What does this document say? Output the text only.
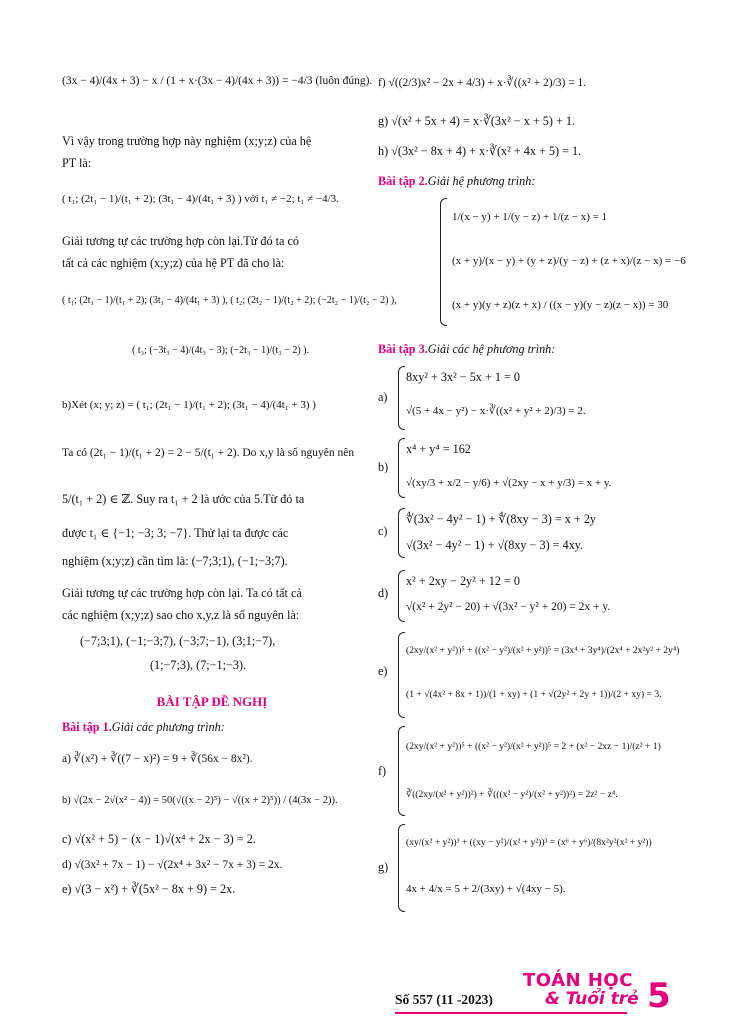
(3x − 4)/(4x + 3) − x / (1 + x·(3x − 4)/(4x + 3)) = −4/3 (luôn đúng).
Vì vậy trong trường hợp này nghiệm (x;y;z) của hệ
PT là:
( t₁; (2t₁ − 1)/(t₁ + 2); (3t₁ − 4)/(4t₁ + 3) ) với t₁ ≠ −2; t₁ ≠ −4/3.
Giải tương tự các trường hợp còn lại.Từ đó ta có
tất cả các nghiệm (x;y;z) của hệ PT đã cho là:
( t₁; (2t₁ − 1)/(t₁ + 2); (3t₁ − 4)/(4t₁ + 3) ), ( t₂; (2t₂ − 1)/(t₂ + 2); (−2t₂ − 1)/(t₂ − 2) ),
( t₃; (−3t₃ − 4)/(4t₃ − 3); (−2t₃ − 1)/(t₃ − 2) ).
b)Xét (x; y; z) = ( t₁; (2t₁ − 1)/(t₁ + 2); (3t₁ − 4)/(4t₁ + 3) )
Ta có (2t₁ − 1)/(t₁ + 2) = 2 − 5/(t₁ + 2). Do x,y là số nguyên nên
5/(t₁ + 2) ∈ ℤ. Suy ra t₁ + 2 là ước của 5.Từ đó ta
được t₁ ∈ {−1; −3; 3; −7}. Thử lại ta được các
nghiệm (x;y;z) cần tìm là: (−7;3;1), (−1;−3;7).
Giải tương tự các trường hợp còn lại. Ta có tất cả
các nghiệm (x;y;z) sao cho x,y,z là số nguyên là:
(−7;3;1), (−1;−3;7), (−3;7;−1), (3;1;−7),
(1;−7;3), (7;−1;−3).
BÀI TẬP ĐỀ NGHỊ
Bài tập 1.Giải các phương trình:
a) ∛(x²) + ∛((7 − x)²) = 9 + ∛(56x − 8x²).
b) √(2x − 2√(x² − 4)) = 50(√((x − 2)⁵) − √((x + 2)⁵)) / (4(3x − 2)).
c) √(x² + 5) − (x − 1)√(x⁴ + 2x − 3) = 2.
d) √(3x² + 7x − 1) − √(2x⁴ + 3x² − 7x + 3) = 2x.
e) √(3 − x²) + ∛(5x² − 8x + 9) = 2x.
f) √((2/3)x² − 2x + 4/3) + x·∛((x² + 2)/3) = 1.
g) √(x² + 5x + 4) = x·∛(3x² − x + 5) + 1.
h) √(3x² − 8x + 4) + x·∛(x² + 4x + 5) = 1.
Bài tập 2.Giải hệ phương trình:
1/(x − y) + 1/(y − z) + 1/(z − x) = 1
(x + y)/(x − y) + (y + z)/(y − z) + (z + x)/(z − x) = −6
(x + y)(y + z)(z + x) / ((x − y)(y − z)(z − x)) = 30
Bài tập 3.Giải các hệ phương trình:
a)
8xy² + 3x² − 5x + 1 = 0
√(5 + 4x − y²) − x·∛((x² + y² + 2)/3) = 2.
b)
x⁴ + y⁴ = 162
√(xy/3 + x/2 − y/6) + √(2xy − x + y/3) = x + y.
c)
∜(3x² − 4y² − 1) + ∜(8xy − 3) = x + 2y
√(3x² − 4y² − 1) + √(8xy − 3) = 4xy.
d)
x² + 2xy − 2y² + 12 = 0
√(x² + 2y² − 20) + √(3x² − y² + 20) = 2x + y.
e)
(2xy/(x² + y²))⁵ + ((x² − y²)/(x² + y²))⁵ = (3x⁴ + 3y⁴)/(2x⁴ + 2x²y² + 2y⁴)
(1 + √(4x² + 8x + 1))/(1 + xy) + (1 + √(2y² + 2y + 1))/(2 + xy) = 3.
f)
(2xy/(x² + y²))⁵ + ((x² − y²)/(x² + y²))⁵ = 2 + (x² − 2xz − 1)/(z² + 1)
∛((2xy/(x² + y²))²) + ∛(((x² − y²)/(x² + y²))²) = 2z² − z⁴.
g)
(xy/(x² + y²))³ + ((xy − y²)/(x² + y²))³ = (x⁶ + y⁶)/(8x²y²(x² + y²))
4x + 4/x = 5 + 2/(3xy) + √(4xy − 5).
Số 557 (11 -2023)
TOÁN HỌC
& Tuổi trẻ 5
